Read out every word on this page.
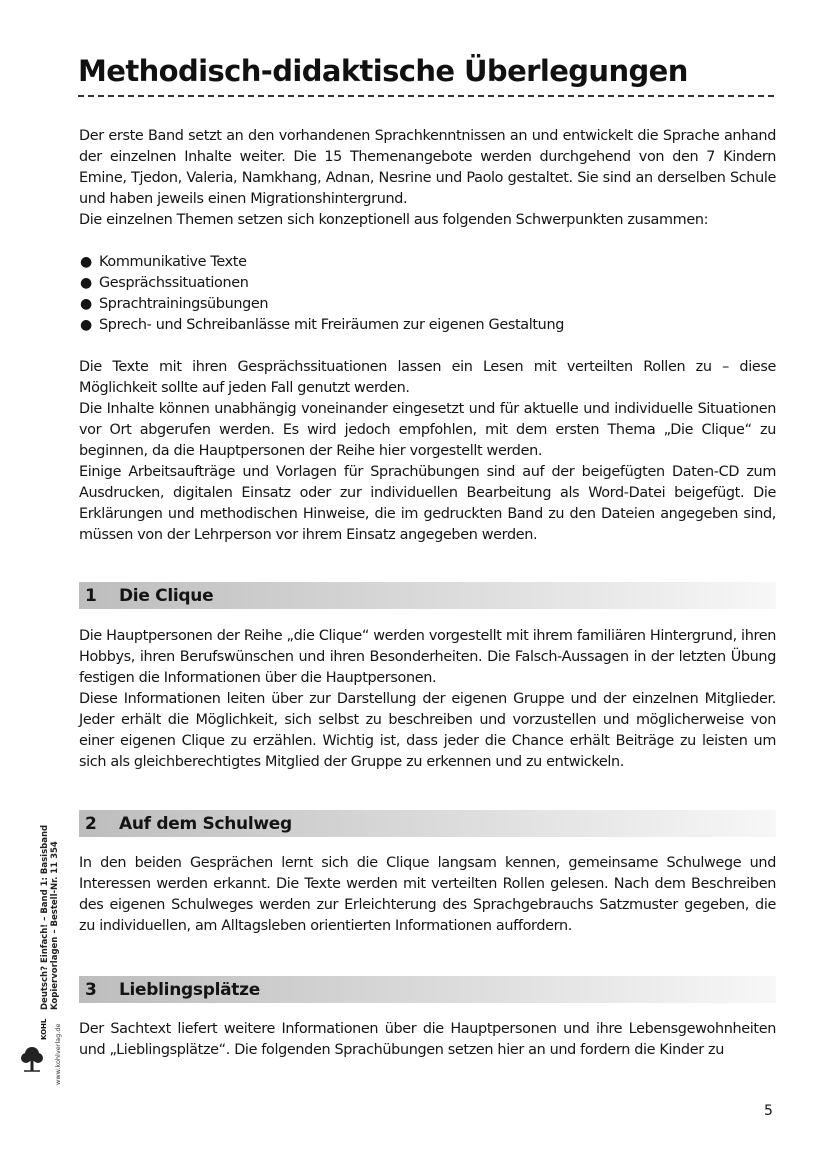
Methodisch-didaktische Überlegungen

Der erste Band setzt an den vorhandenen Sprachkenntnissen an und entwickelt die Sprache anhand der einzelnen Inhalte weiter. Die 15 Themenangebote werden durchgehend von den 7 Kindern Emine, Tjedon, Valeria, Namkhang, Adnan, Nesrine und Paolo gestaltet. Sie sind an derselben Schule und haben jeweils einen Migrationshintergrund.

Die einzelnen Themen setzen sich konzeptionell aus folgenden Schwerpunkten zusammen:

● Kommunikative Texte
● Gesprächssituationen
● Sprachtrainingsübungen
● Sprech- und Schreibanlässe mit Freiräumen zur eigenen Gestaltung

Die Texte mit ihren Gesprächssituationen lassen ein Lesen mit verteilten Rollen zu – diese Möglichkeit sollte auf jeden Fall genutzt werden.

Die Inhalte können unabhängig voneinander eingesetzt und für aktuelle und individuelle Situationen vor Ort abgerufen werden. Es wird jedoch empfohlen, mit dem ersten Thema „Die Clique“ zu beginnen, da die Hauptpersonen der Reihe hier vorgestellt werden.

Einige Arbeitsaufträge und Vorlagen für Sprachübungen sind auf der beigefügten Daten-CD zum Ausdrucken, digitalen Einsatz oder zur individuellen Bearbeitung als Word-Datei beigefügt. Die Erklärungen und methodischen Hinweise, die im gedruckten Band zu den Dateien angegeben sind, müssen von der Lehrperson vor ihrem Einsatz angegeben werden.

1	Die Clique

Die Hauptpersonen der Reihe „die Clique“ werden vorgestellt mit ihrem familiären Hintergrund, ihren Hobbys, ihren Berufswünschen und ihren Besonderheiten. Die Falsch-Aussagen in der letzten Übung festigen die Informationen über die Hauptpersonen.

Diese Informationen leiten über zur Darstellung der eigenen Gruppe und der einzelnen Mitglieder. Jeder erhält die Möglichkeit, sich selbst zu beschreiben und vorzustellen und möglicherweise von einer eigenen Clique zu erzählen. Wichtig ist, dass jeder die Chance erhält Beiträge zu leisten um sich als gleichberechtigtes Mitglied der Gruppe zu erkennen und zu entwickeln.

2	Auf dem Schulweg

In den beiden Gesprächen lernt sich die Clique langsam kennen, gemeinsame Schulwege und Interessen werden erkannt. Die Texte werden mit verteilten Rollen gelesen. Nach dem Beschreiben des eigenen Schulweges werden zur Erleichterung des Sprachgebrauchs Satzmuster gegeben, die zu individuellen, am Alltagsleben orientierten Informationen auffordern.

3	Lieblingsplätze

Der Sachtext liefert weitere Informationen über die Hauptpersonen und ihre Lebensgewohnheiten und „Lieblingsplätze“. Die folgenden Sprachübungen setzen hier an und fordern die Kinder zu

Deutsch? Einfach! – Band 1: Basisband Kopiervorlagen – Bestell-Nr. 11 354
KOHL www.kohlverlag.de
5
